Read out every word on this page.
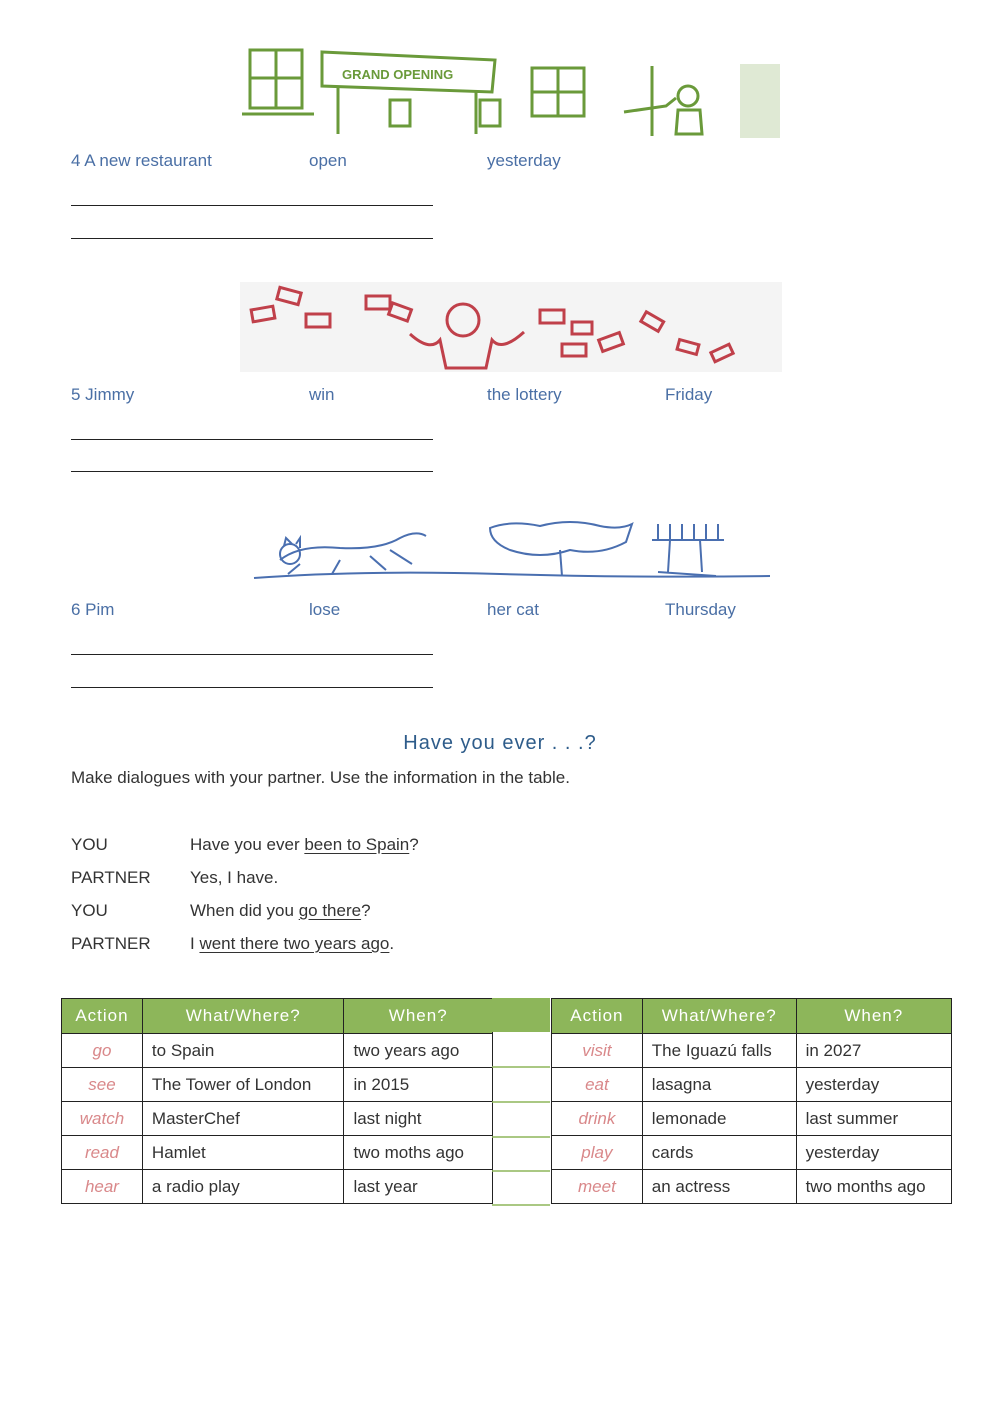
GRAND OPENING
4 A new restaurant	open	yesterday
5 Jimmy	win	the lottery	Friday
6 Pim	lose	her cat	Thursday
Have you ever . . .?
Make dialogues with your partner. Use the information in the table.
YOU	Have you ever been to Spain?
PARTNER Yes, I have.
YOU	When did you go there?
PARTNER I went there two years ago.
Action	What/Where?	When?
go	to Spain	two years ago
see	The Tower of London	in 2015
watch	MasterChef	last night
read	Hamlet	two moths ago
hear	a radio play	last year
Action	What/Where?	When?
visit	The Iguazú falls	in 2027
eat	lasagna	yesterday
drink	lemonade	last summer
play	cards	yesterday
meet	an actress	two months ago
